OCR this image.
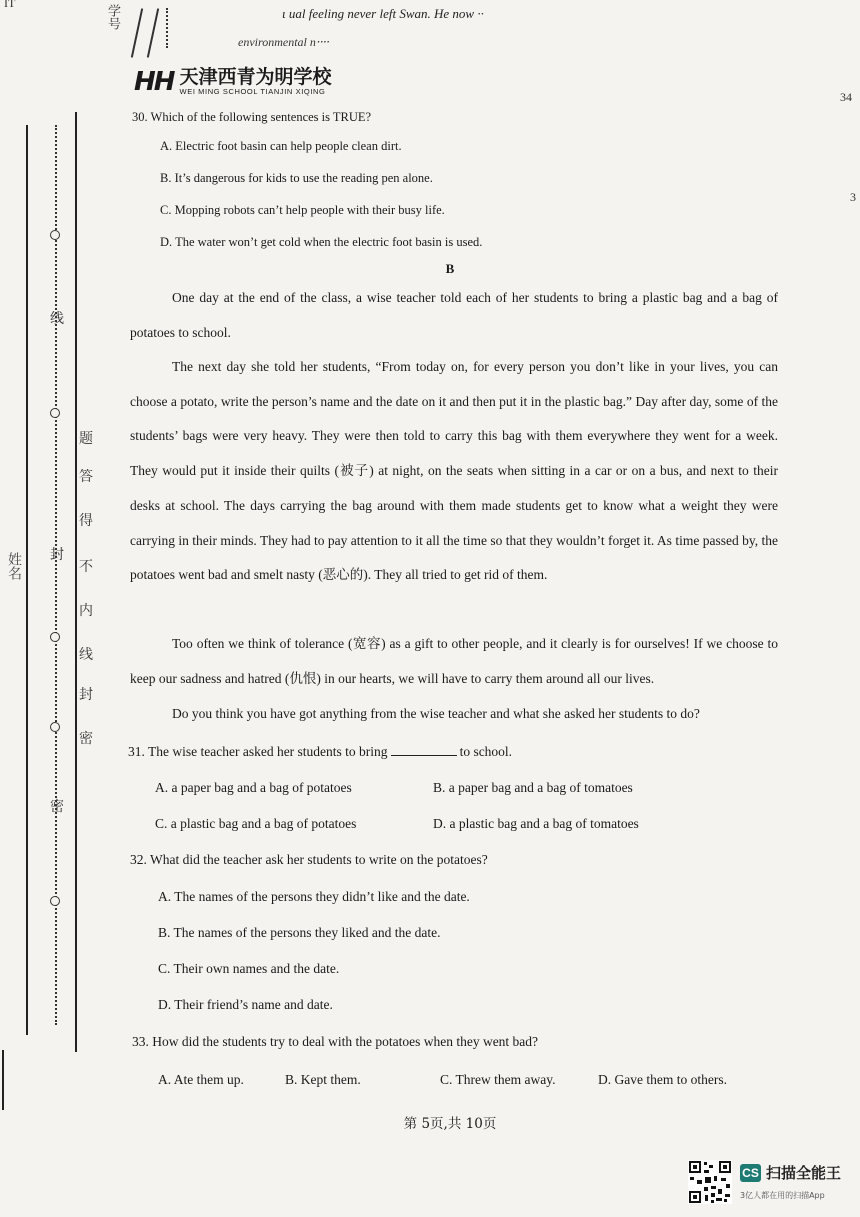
IT
学号	ι ual feeling never left Swan. He now ··
environmental n⸱⸱⸱⸱
HH 天津西青为明学校
WEI MING SCHOOL TIANJIN XIQING	34
3
线
题
答
得
不
封
内
线
封
密
密
姓名
30. Which of the following sentences is TRUE?
A. Electric foot basin can help people clean dirt.
B. It’s dangerous for kids to use the reading pen alone.
C. Mopping robots can’t help people with their busy life.
D. The water won’t get cold when the electric foot basin is used.
B
One day at the end of the class, a wise teacher told each of her students to bring a plastic bag and a bag of potatoes to school.
The next day she told her students, “From today on, for every person you don’t like in your lives, you can choose a potato, write the person’s name and the date on it and then put it in the plastic bag.” Day after day, some of the students’ bags were very heavy. They were then told to carry this bag with them everywhere they went for a week. They would put it inside their quilts (被子) at night, on the seats when sitting in a car or on a bus, and next to their desks at school. The days carrying the bag around with them made students get to know what a weight they were carrying in their minds. They had to pay attention to it all the time so that they wouldn’t forget it. As time passed by, the potatoes went bad and smelt nasty (恶心的). They all tried to get rid of them.
Too often we think of tolerance (宽容) as a gift to other people, and it clearly is for ourselves! If we choose to keep our sadness and hatred (仇恨) in our hearts, we will have to carry them around all our lives.
Do you think you have got anything from the wise teacher and what she asked her students to do?
31. The wise teacher asked her students to bring	to school.
A. a paper bag and a bag of potatoes	B. a paper bag and a bag of tomatoes
C. a plastic bag and a bag of potatoes	D. a plastic bag and a bag of tomatoes
32. What did the teacher ask her students to write on the potatoes?
A. The names of the persons they didn’t like and the date.
B. The names of the persons they liked and the date.
C. Their own names and the date.
D. Their friend’s name and date.
33. How did the students try to deal with the potatoes when they went bad?
A. Ate them up.	B. Kept them.	C. Threw them away.	D. Gave them to others.
第 5页,共 10页
CS 扫描全能王
3亿人都在用的扫描App
